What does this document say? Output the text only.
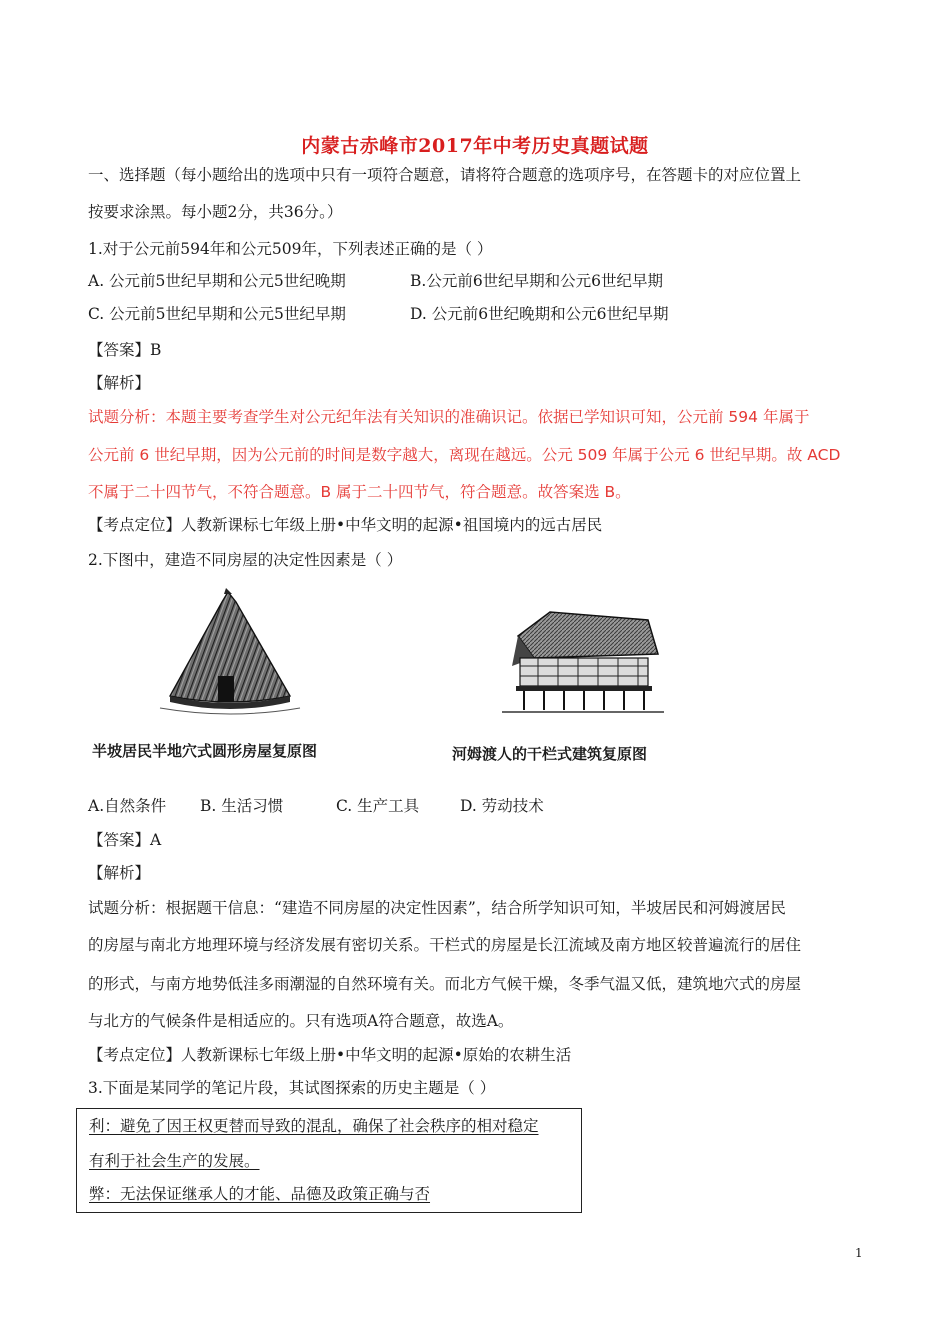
内蒙古赤峰市2017年中考历史真题试题
一、选择题（每小题给出的选项中只有一项符合题意，请将符合题意的选项序号，在答题卡的对应位置上
按要求涂黑。每小题2分，共36分。）
1.对于公元前594年和公元509年，下列表述正确的是（ ）
A. 公元前5世纪早期和公元5世纪晚期	B.公元前6世纪早期和公元6世纪早期
C. 公元前5世纪早期和公元5世纪早期	D. 公元前6世纪晚期和公元6世纪早期
【答案】B
【解析】
试题分析：本题主要考查学生对公元纪年法有关知识的准确识记。依据已学知识可知，公元前 594 年属于
公元前 6 世纪早期，因为公元前的时间是数字越大，离现在越远。公元 509 年属于公元 6 世纪早期。故 ACD
不属于二十四节气，不符合题意。B 属于二十四节气，符合题意。故答案选 B。
【考点定位】人教新课标七年级上册•中华文明的起源•祖国境内的远古居民
2.下图中，建造不同房屋的决定性因素是（ ）
半坡居民半地穴式圆形房屋复原图	河姆渡人的干栏式建筑复原图
A.自然条件 B. 生活习惯	C. 生产工具	D. 劳动技术
【答案】A
【解析】
试题分析：根据题干信息：“建造不同房屋的决定性因素”，结合所学知识可知，半坡居民和河姆渡居民
的房屋与南北方地理环境与经济发展有密切关系。干栏式的房屋是长江流域及南方地区较普遍流行的居住
的形式，与南方地势低洼多雨潮湿的自然环境有关。而北方气候干燥，冬季气温又低，建筑地穴式的房屋
与北方的气候条件是相适应的。只有选项A符合题意，故选A。
【考点定位】人教新课标七年级上册•中华文明的起源•原始的农耕生活
3.下面是某同学的笔记片段，其试图探索的历史主题是（ ）
利：避免了因王权更替而导致的混乱，确保了社会秩序的相对稳定
有利于社会生产的发展。
弊：无法保证继承人的才能、品德及政策正确与否
1
